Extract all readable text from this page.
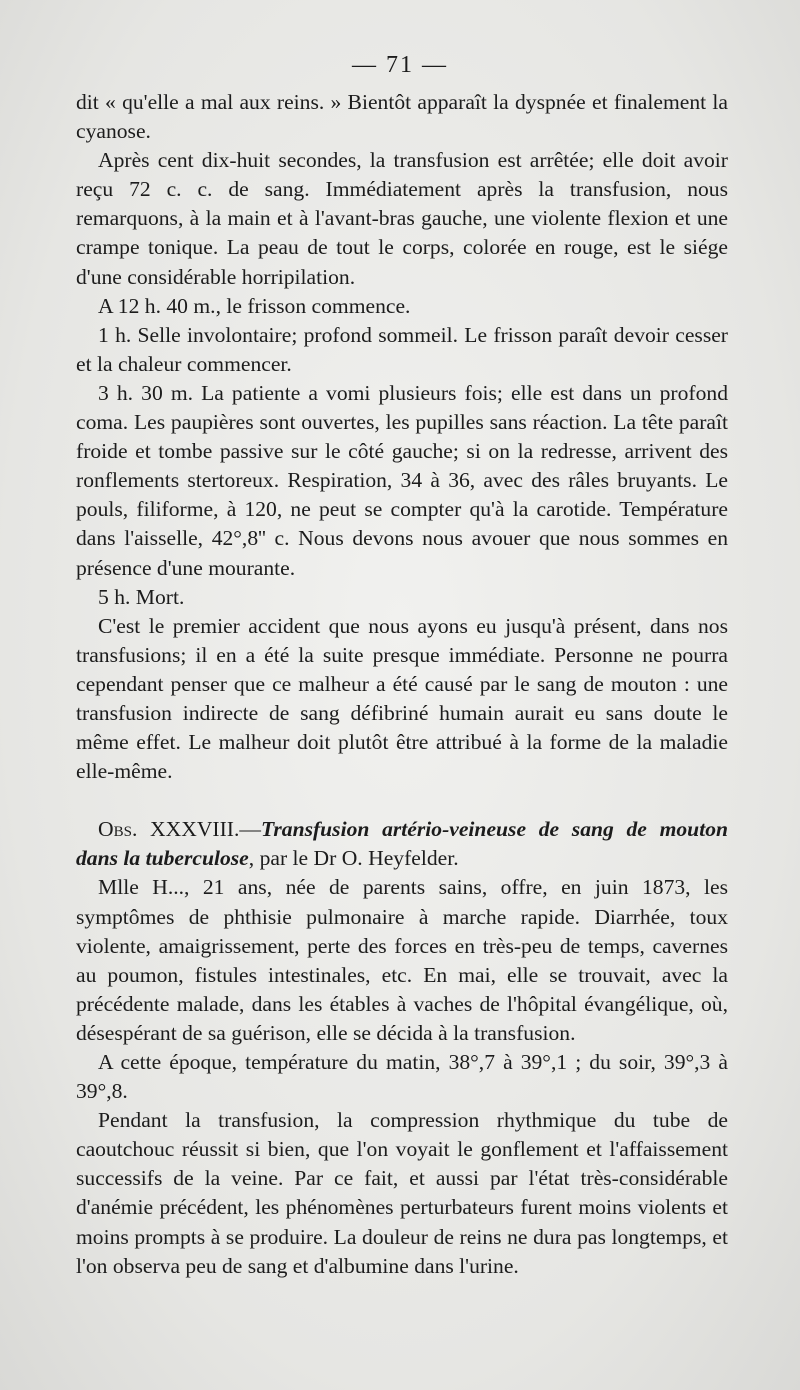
— 71 —

dit « qu'elle a mal aux reins. » Bientôt apparaît la dyspnée et finalement la cyanose.

Après cent dix-huit secondes, la transfusion est arrêtée; elle doit avoir reçu 72 c. c. de sang. Immédiatement après la transfusion, nous remarquons, à la main et à l'avant-bras gauche, une violente flexion et une crampe tonique. La peau de tout le corps, colorée en rouge, est le siége d'une considérable horripilation.

A 12 h. 40 m., le frisson commence.

1 h. Selle involontaire; profond sommeil. Le frisson paraît devoir cesser et la chaleur commencer.

3 h. 30 m. La patiente a vomi plusieurs fois; elle est dans un profond coma. Les paupières sont ouvertes, les pupilles sans réaction. La tête paraît froide et tombe passive sur le côté gauche; si on la redresse, arrivent des ronflements stertoreux. Respiration, 34 à 36, avec des râles bruyants. Le pouls, filiforme, à 120, ne peut se compter qu'à la carotide. Température dans l'aisselle, 42°,8'' c. Nous devons nous avouer que nous sommes en présence d'une mourante.

5 h. Mort.

C'est le premier accident que nous ayons eu jusqu'à présent, dans nos transfusions; il en a été la suite presque immédiate. Personne ne pourra cependant penser que ce malheur a été causé par le sang de mouton : une transfusion indirecte de sang défibriné humain aurait eu sans doute le même effet. Le malheur doit plutôt être attribué à la forme de la maladie elle-même.

Obs. XXXVIII.—Transfusion artério-veineuse de sang de mouton dans la tuberculose, par le Dr O. Heyfelder.

Mlle H..., 21 ans, née de parents sains, offre, en juin 1873, les symptômes de phthisie pulmonaire à marche rapide. Diarrhée, toux violente, amaigrissement, perte des forces en très-peu de temps, cavernes au poumon, fistules intestinales, etc. En mai, elle se trouvait, avec la précédente malade, dans les étables à vaches de l'hôpital évangélique, où, désespérant de sa guérison, elle se décida à la transfusion.

A cette époque, température du matin, 38°,7 à 39°,1 ; du soir, 39°,3 à 39°,8.

Pendant la transfusion, la compression rhythmique du tube de caoutchouc réussit si bien, que l'on voyait le gonflement et l'affaissement successifs de la veine. Par ce fait, et aussi par l'état très-considérable d'anémie précédent, les phénomènes perturbateurs furent moins violents et moins prompts à se produire. La douleur de reins ne dura pas longtemps, et l'on observa peu de sang et d'albumine dans l'urine.
